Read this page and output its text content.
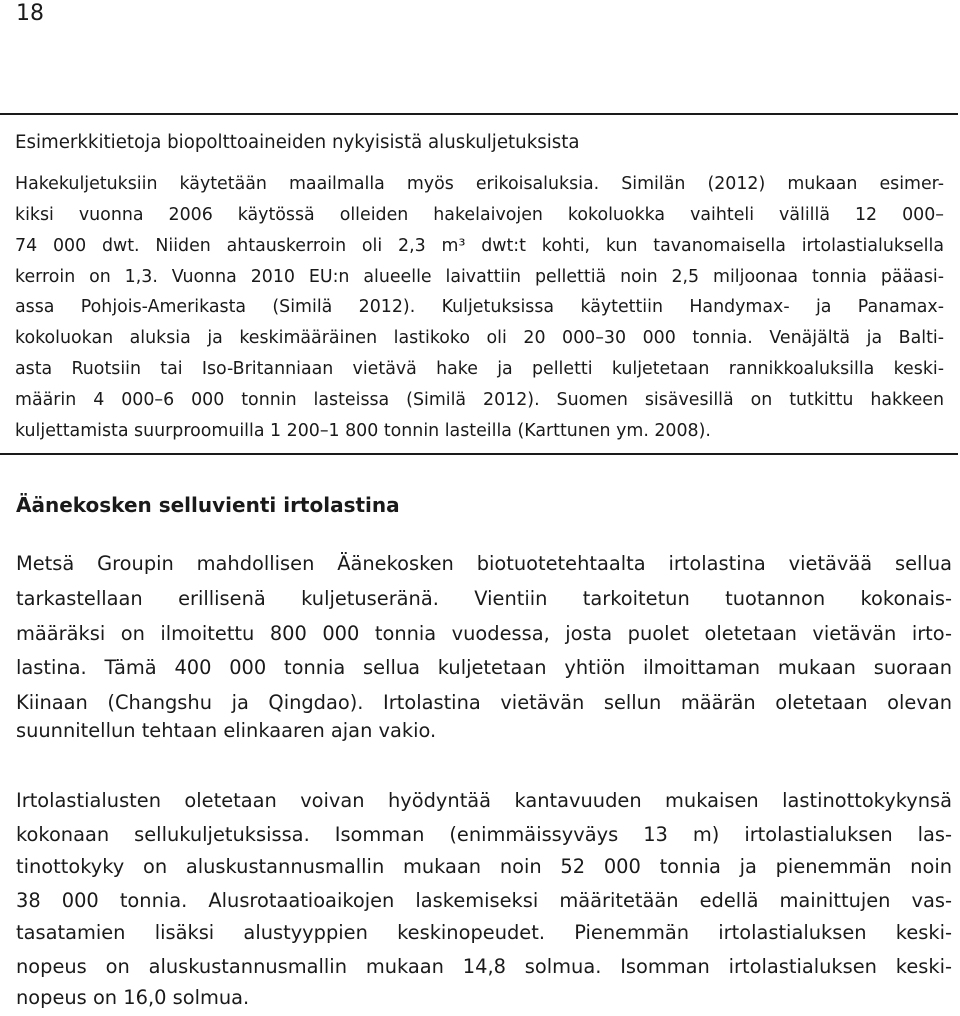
18
Esimerkkitietoja biopolttoaineiden nykyisistä aluskuljetuksista
Hakekuljetuksiin käytetään maailmalla myös erikoisaluksia. Similän (2012) mukaan esimer-
kiksi vuonna 2006 käytössä olleiden hakelaivojen kokoluokka vaihteli välillä 12 000–
74 000 dwt. Niiden ahtauskerroin oli 2,3 m³ dwt:t kohti, kun tavanomaisella irtolastialuksella
kerroin on 1,3. Vuonna 2010 EU:n alueelle laivattiin pellettiä noin 2,5 miljoonaa tonnia pääasi-
assa Pohjois-Amerikasta (Similä 2012). Kuljetuksissa käytettiin Handymax- ja Panamax-
kokoluokan aluksia ja keskimääräinen lastikoko oli 20 000–30 000 tonnia. Venäjältä ja Balti-
asta Ruotsiin tai Iso-Britanniaan vietävä hake ja pelletti kuljetetaan rannikkoaluksilla keski-
määrin 4 000–6 000 tonnin lasteissa (Similä 2012). Suomen sisävesillä on tutkittu hakkeen
kuljettamista suurproomuilla 1 200–1 800 tonnin lasteilla (Karttunen ym. 2008).
Äänekosken selluvienti irtolastina
Metsä Groupin mahdollisen Äänekosken biotuotetehtaalta irtolastina vietävää sellua
tarkastellaan erillisenä kuljetuseränä. Vientiin tarkoitetun tuotannon kokonais-
määräksi on ilmoitettu 800 000 tonnia vuodessa, josta puolet oletetaan vietävän irto-
lastina. Tämä 400 000 tonnia sellua kuljetetaan yhtiön ilmoittaman mukaan suoraan
Kiinaan (Changshu ja Qingdao). Irtolastina vietävän sellun määrän oletetaan olevan
suunnitellun tehtaan elinkaaren ajan vakio.
Irtolastialusten oletetaan voivan hyödyntää kantavuuden mukaisen lastinottokykynsä
kokonaan sellukuljetuksissa. Isomman (enimmäissyväys 13 m) irtolastialuksen las-
tinottokyky on aluskustannusmallin mukaan noin 52 000 tonnia ja pienemmän noin
38 000 tonnia. Alusrotaatioaikojen laskemiseksi määritetään edellä mainittujen vas-
tasatamien lisäksi alustyyppien keskinopeudet. Pienemmän irtolastialuksen keski-
nopeus on aluskustannusmallin mukaan 14,8 solmua. Isomman irtolastialuksen keski-
nopeus on 16,0 solmua.
